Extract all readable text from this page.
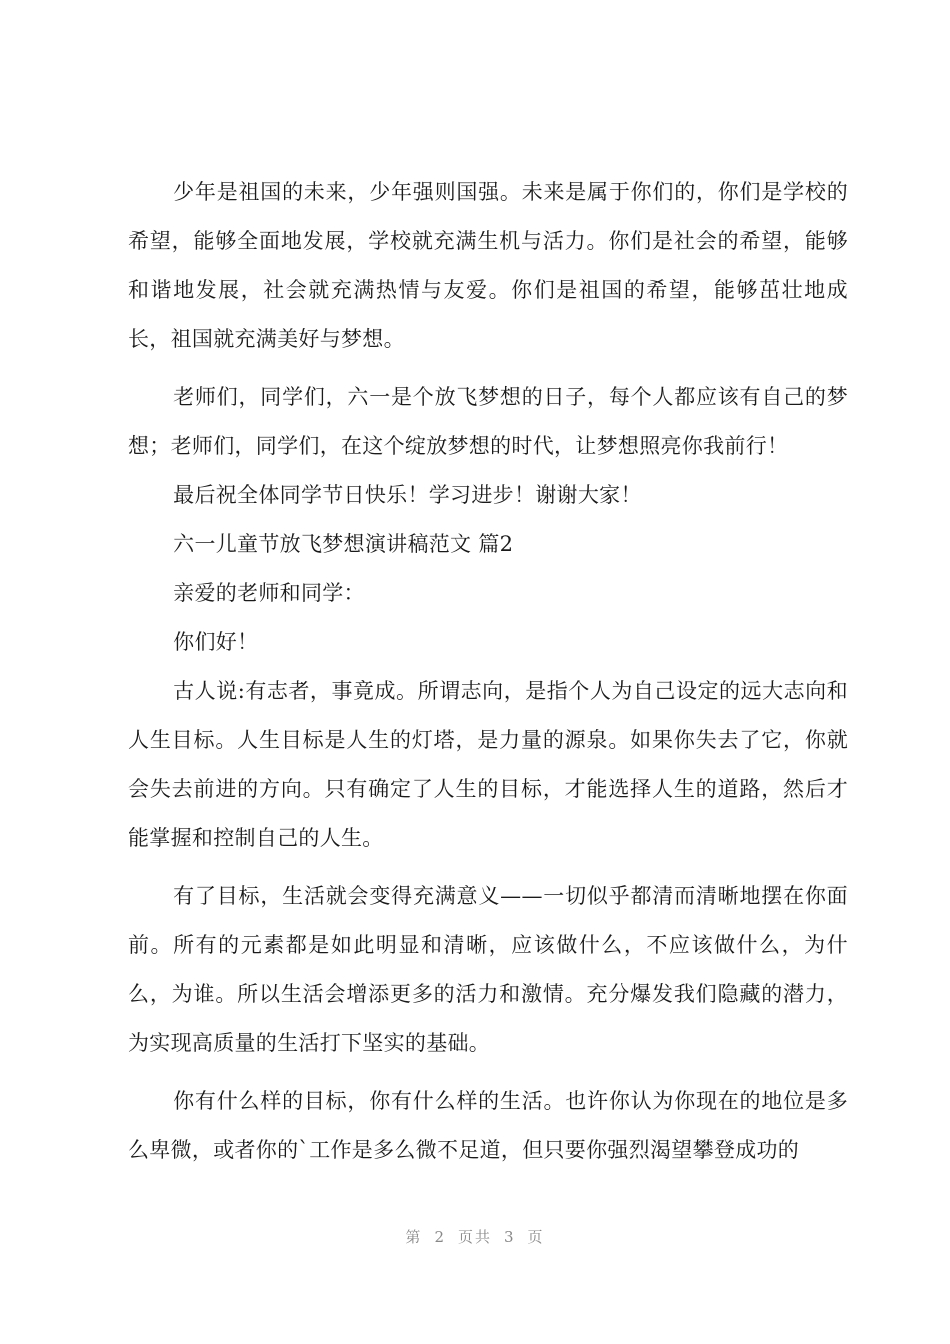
少年是祖国的未来，少年强则国强。未来是属于你们的，你们是学校的希望，能够全面地发展，学校就充满生机与活力。你们是社会的希望，能够和谐地发展，社会就充满热情与友爱。你们是祖国的希望，能够茁壮地成长，祖国就充满美好与梦想。

老师们，同学们，六一是个放飞梦想的日子，每个人都应该有自己的梦想；老师们，同学们，在这个绽放梦想的时代，让梦想照亮你我前行！

最后祝全体同学节日快乐！学习进步！谢谢大家！

六一儿童节放飞梦想演讲稿范文 篇2

亲爱的老师和同学：

你们好！

古人说:有志者，事竟成。所谓志向，是指个人为自己设定的远大志向和人生目标。人生目标是人生的灯塔，是力量的源泉。如果你失去了它，你就会失去前进的方向。只有确定了人生的目标，才能选择人生的道路，然后才能掌握和控制自己的人生。

有了目标，生活就会变得充满意义——一切似乎都清而清晰地摆在你面前。所有的元素都是如此明显和清晰，应该做什么，不应该做什么，为什么，为谁。所以生活会增添更多的活力和激情。充分爆发我们隐藏的潜力，为实现高质量的生活打下坚实的基础。

你有什么样的目标，你有什么样的生活。也许你认为你现在的地位是多么卑微，或者你的`工作是多么微不足道，但只要你强烈渴望攀登成功的

第 2 页共 3 页
